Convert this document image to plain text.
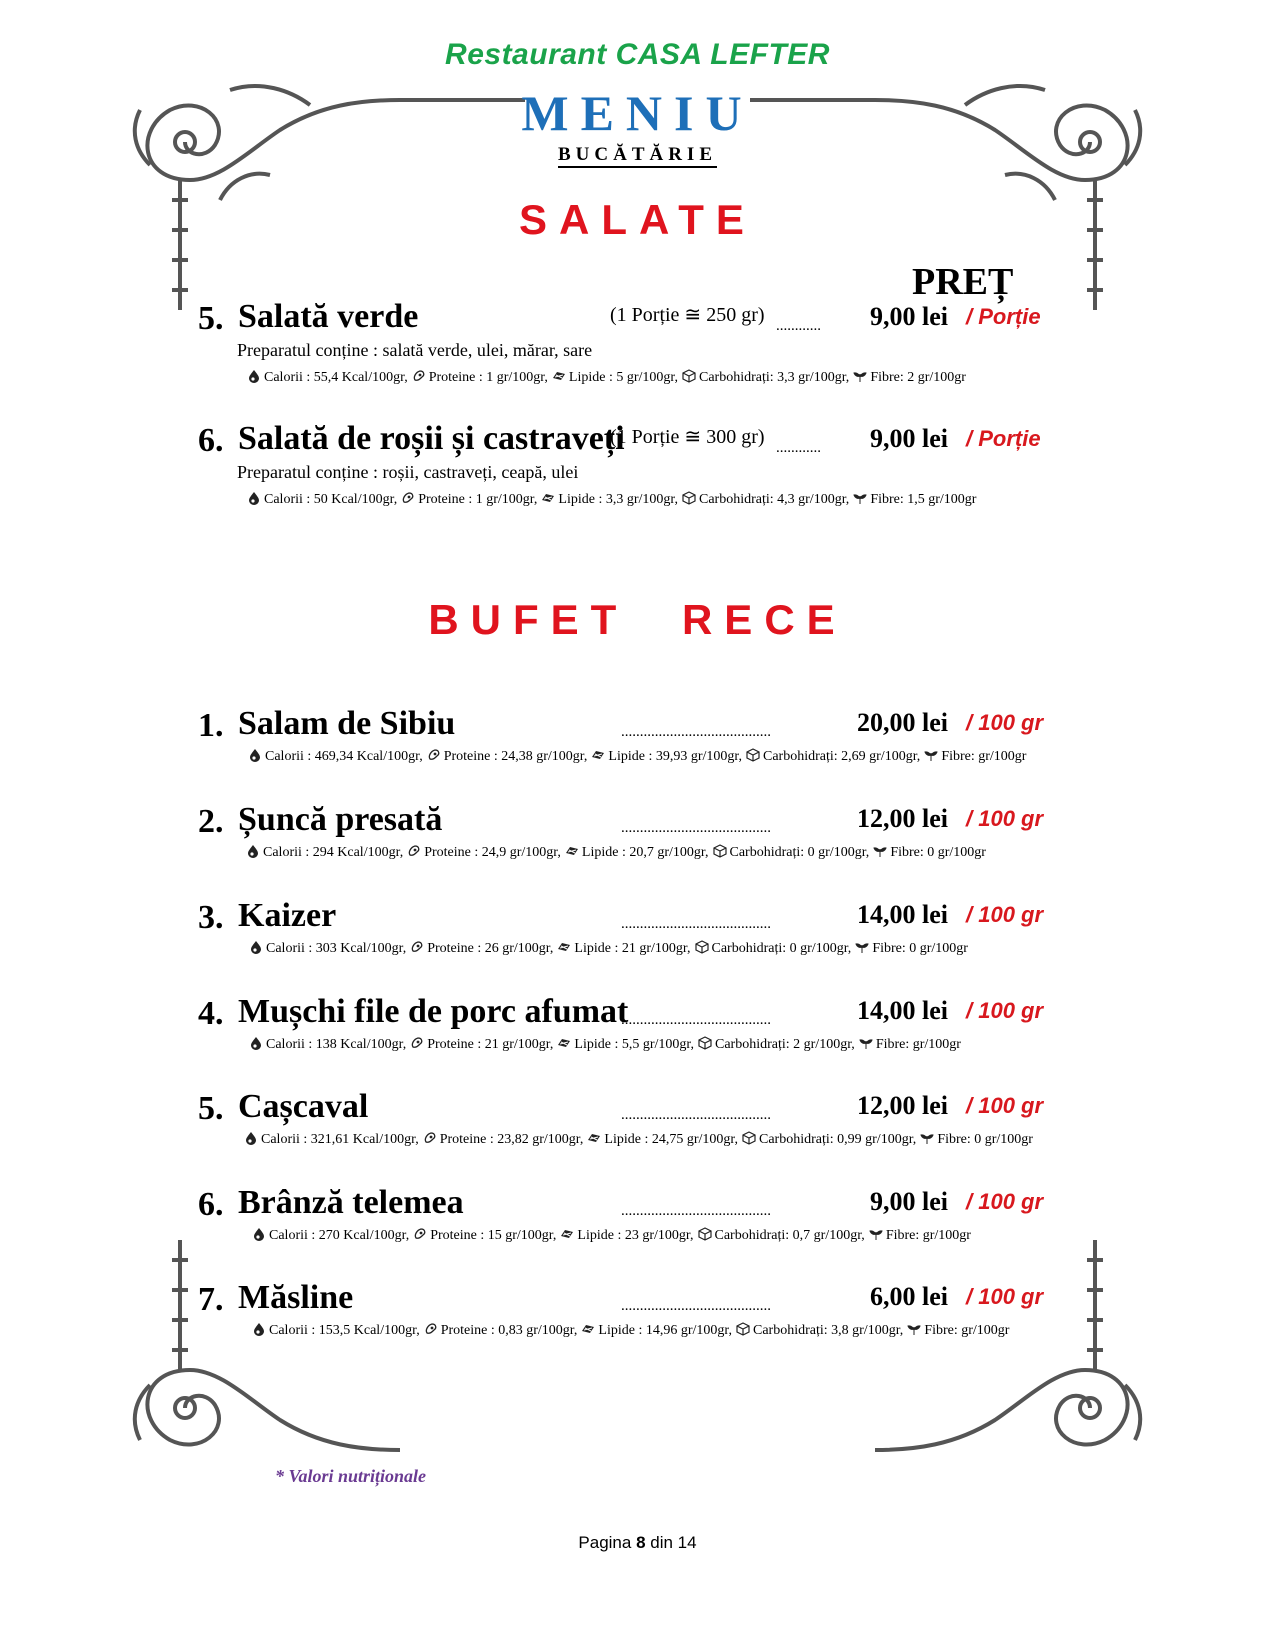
Restaurant CASA LEFTER
MENIU
BUCĂTĂRIE
SALATE
PREȚ
5. Salată verde	(1 Porție ≅ 250 gr) ............	9,00 lei / Porție
Preparatul conține : salată verde, ulei, mărar, sare
Calorii : 55,4 Kcal/100gr, Proteine : 1 gr/100gr, Lipide : 5 gr/100gr, Carbohidrați: 3,3 gr/100gr, Fibre: 2 gr/100gr
6. Salată de roșii și castraveți
(1 Porție ≅ 300 gr) ............	9,00 lei / Porție
Preparatul conține : roșii, castraveți, ceapă, ulei
Calorii : 50 Kcal/100gr, Proteine : 1 gr/100gr, Lipide : 3,3 gr/100gr, Carbohidrați: 4,3 gr/100gr, Fibre: 1,5 gr/100gr
BUFET RECE
1. Salam de Sibiu	........................................	20,00 lei / 100 gr
Calorii : 469,34 Kcal/100gr, Proteine : 24,38 gr/100gr, Lipide : 39,93 gr/100gr, Carbohidrați: 2,69 gr/100gr, Fibre: gr/100gr
2. Șuncă presată	........................................	12,00 lei / 100 gr
Calorii : 294 Kcal/100gr, Proteine : 24,9 gr/100gr, Lipide : 20,7 gr/100gr, Carbohidrați: 0 gr/100gr, Fibre: 0 gr/100gr
3. Kaizer	........................................	14,00 lei / 100 gr
Calorii : 303 Kcal/100gr, Proteine : 26 gr/100gr, Lipide : 21 gr/100gr, Carbohidrați: 0 gr/100gr, Fibre: 0 gr/100gr
4. Mușchi file de porc afumat
........................................	14,00 lei / 100 gr
Calorii : 138 Kcal/100gr, Proteine : 21 gr/100gr, Lipide : 5,5 gr/100gr, Carbohidrați: 2 gr/100gr, Fibre: gr/100gr
5. Cașcaval	........................................	12,00 lei / 100 gr
Calorii : 321,61 Kcal/100gr, Proteine : 23,82 gr/100gr, Lipide : 24,75 gr/100gr, Carbohidrați: 0,99 gr/100gr, Fibre: 0 gr/100gr
6. Brânză telemea	........................................	9,00 lei / 100 gr
Calorii : 270 Kcal/100gr, Proteine : 15 gr/100gr, Lipide : 23 gr/100gr, Carbohidrați: 0,7 gr/100gr, Fibre: gr/100gr
7. Măsline	........................................	6,00 lei / 100 gr
Calorii : 153,5 Kcal/100gr, Proteine : 0,83 gr/100gr, Lipide : 14,96 gr/100gr, Carbohidrați: 3,8 gr/100gr, Fibre: gr/100gr
* Valori nutriționale
Pagina 8 din 14
